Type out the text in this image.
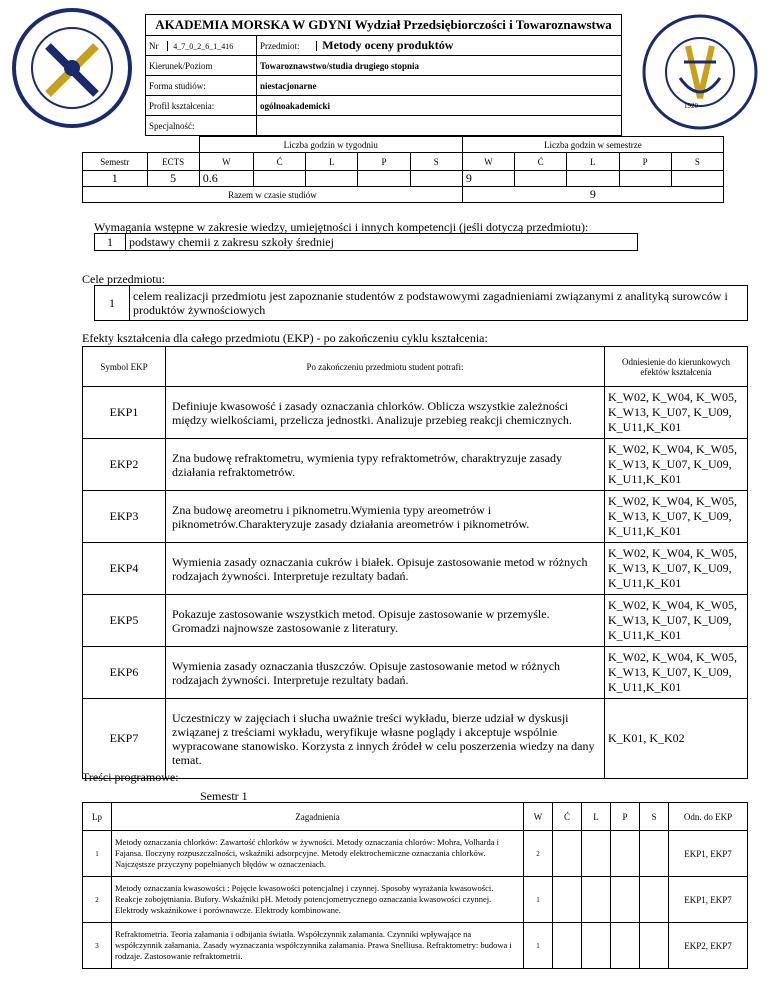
1920
AKADEMIA MORSKA W GDYNI Wydział Przedsiębiorczości i Towaroznawstwa	
Nr 4_7_0_2_6_1_416	Przedmiot: Metody oceny produktów
Kierunek/Poziom	Towaroznawstwo/studia drugiego stopnia
Forma studiów:	niestacjonarne
Profil kształcenia:	ogólnoakademicki
Specjalność:	
		Liczba godzin w tygodniu					Liczba godzin w semestrze				
Semestr	ECTS	W	Ć	L	P	S	W	Ć	L	P	S
1	5	0.6					9				
Razem w czasie studiów							9				
Wymagania wstępne w zakresie wiedzy, umiejętności i innych kompetencji (jeśli dotyczą przedmiotu):
1	podstawy chemii z zakresu szkoły średniej
Cele przedmiotu:
1	celem realizacji przedmiotu jest zapoznanie studentów z podstawowymi zagadnieniami związanymi z analityką surowców i produktów żywnościowych
Efekty kształcenia dla całego przedmiotu (EKP) - po zakończeniu cyklu kształcenia:
Symbol EKP	Po zakończeniu przedmiotu student potrafi:	Odniesienie do kierunkowych efektów kształcenia
EKP1	Definiuje kwasowość i zasady oznaczania chlorków. Oblicza wszystkie zależności między wielkościami, przelicza jednostki. Analizuje przebieg reakcji chemicznych.	K_W02, K_W04, K_W05, K_W13, K_U07, K_U09, K_U11,K_K01
EKP2	Zna budowę refraktometru, wymienia typy refraktometrów, charaktryzuje zasady działania refraktometrów.	K_W02, K_W04, K_W05, K_W13, K_U07, K_U09, K_U11,K_K01
EKP3	Zna budowę areometru i piknometru.Wymienia typy areometrów i piknometrów.Charakteryzuje zasady działania areometrów i piknometrów.	K_W02, K_W04, K_W05, K_W13, K_U07, K_U09, K_U11,K_K01
EKP4	Wymienia zasady oznaczania cukrów i białek. Opisuje zastosowanie metod w różnych rodzajach żywności. Interpretuje rezultaty badań.	K_W02, K_W04, K_W05, K_W13, K_U07, K_U09, K_U11,K_K01
EKP5	Pokazuje zastosowanie wszystkich metod. Opisuje zastosowanie w przemyśle. Gromadzi najnowsze zastosowanie z literatury.	K_W02, K_W04, K_W05, K_W13, K_U07, K_U09, K_U11,K_K01
EKP6	Wymienia zasady oznaczania tłuszczów. Opisuje zastosowanie metod w różnych rodzajach żywności. Interpretuje rezultaty badań.	K_W02, K_W04, K_W05, K_W13, K_U07, K_U09, K_U11,K_K01
EKP7	Uczestniczy w zajęciach i słucha uważnie treści wykładu, bierze udział w dyskusji związanej z treściami wykładu, weryfikuje własne poglądy i akceptuje wspólnie wypracowane stanowisko. Korzysta z innych źródeł w celu poszerzenia wiedzy na dany temat.	K_K01, K_K02
Treści programowe:
Semestr 1
Lp	Zagadnienia	W	Ć	L	P	S	Odn. do EKP
1	Metody oznaczania chlorków: Zawartość chlorków w żywności. Metody oznaczania chlorów: Mohra, Volharda i Fajansa. Iloczyny rozpuszczalności, wskaźniki adsorpcyjne. Metody elektrochemiczne oznaczania chlorków. Najczęstsze przyczyny popełnianych błędów w oznaczeniach.	2					EKP1, EKP7
2	Metody oznaczania kwasowości : Pojęcie kwasowości potencjalnej i czynnej. Sposoby wyrażania kwasowości. Reakcje zobojętniania. Bufory. Wskaźniki pH. Metody potencjometrycznego oznaczania kwasowości czynnej. Elektrody wskaźnikowe i porównawcze. Elektrody kombinowane.	1					EKP1, EKP7
3	Refraktometria. Teoria załamania i odbijania światła. Współczynnik załamania. Czynniki wpływające na współczynnik załamania. Zasady wyznaczania współczynnika załamania. Prawa Snelliusa. Refraktometry: budowa i rodzaje. Zastosowanie refraktometrii.	1					EKP2, EKP7
